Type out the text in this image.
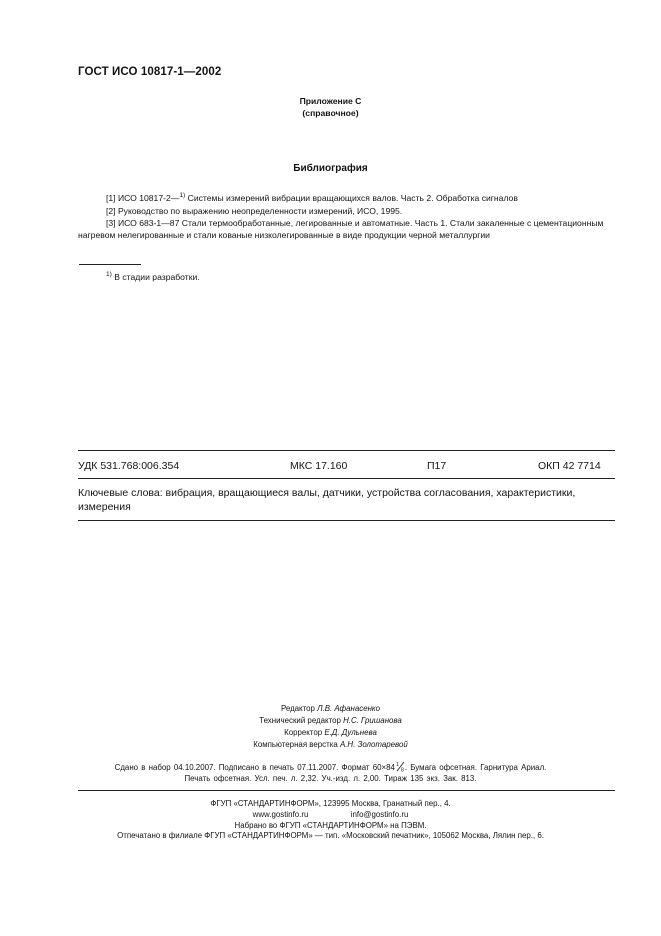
ГОСТ ИСО 10817-1—2002
Приложение С
(справочное)
Библиография
[1] ИСО 10817-2—$^{1)}$ Системы измерений вибрации вращающихся валов. Часть 2. Обработка сигналов
[2] Руководство по выражению неопределенности измерений, ИСО, 1995.
[3] ИСО 683-1—87 Стали термообработанные, легированные и автоматные. Часть 1. Стали закаленные с цементационным нагревом нелегированные и стали кованые низколегированные в виде продукции черной металлургии
$^{1)}$ В стадии разработки.
УДК 531.768:006.354	МКС 17.160	П17	ОКП 42 7714
Ключевые слова: вибрация, вращающиеся валы, датчики, устройства согласования, характеристики, измерения
Редактор Л.В. Афанасенко
Технический редактор Н.С. Гришанова
Корректор Е.Д. Дульнева
Компьютерная верстка А.Н. Золотаревой
Сдано в набор 04.10.2007. Подписано в печать 07.11.2007. Формат 60×84 1
8 . Бумага офсетная. Гарнитура Ариал.
Печать офсетная. Усл. печ. л. 2,32. Уч.-изд. л. 2,00. Тираж 135 экз. Зак. 813.
ФГУП «СТАНДАРТИНФОРМ», 123995 Москва, Гранатный пер., 4.
www.gostinfo.ru	info@gostinfo.ru
Набрано во ФГУП «СТАНДАРТИНФОРМ» на ПЭВМ.
Отпечатано в филиале ФГУП «СТАНДАРТИНФОРМ» — тип. «Московский печатник», 105062 Москва, Лялин пер., 6.
